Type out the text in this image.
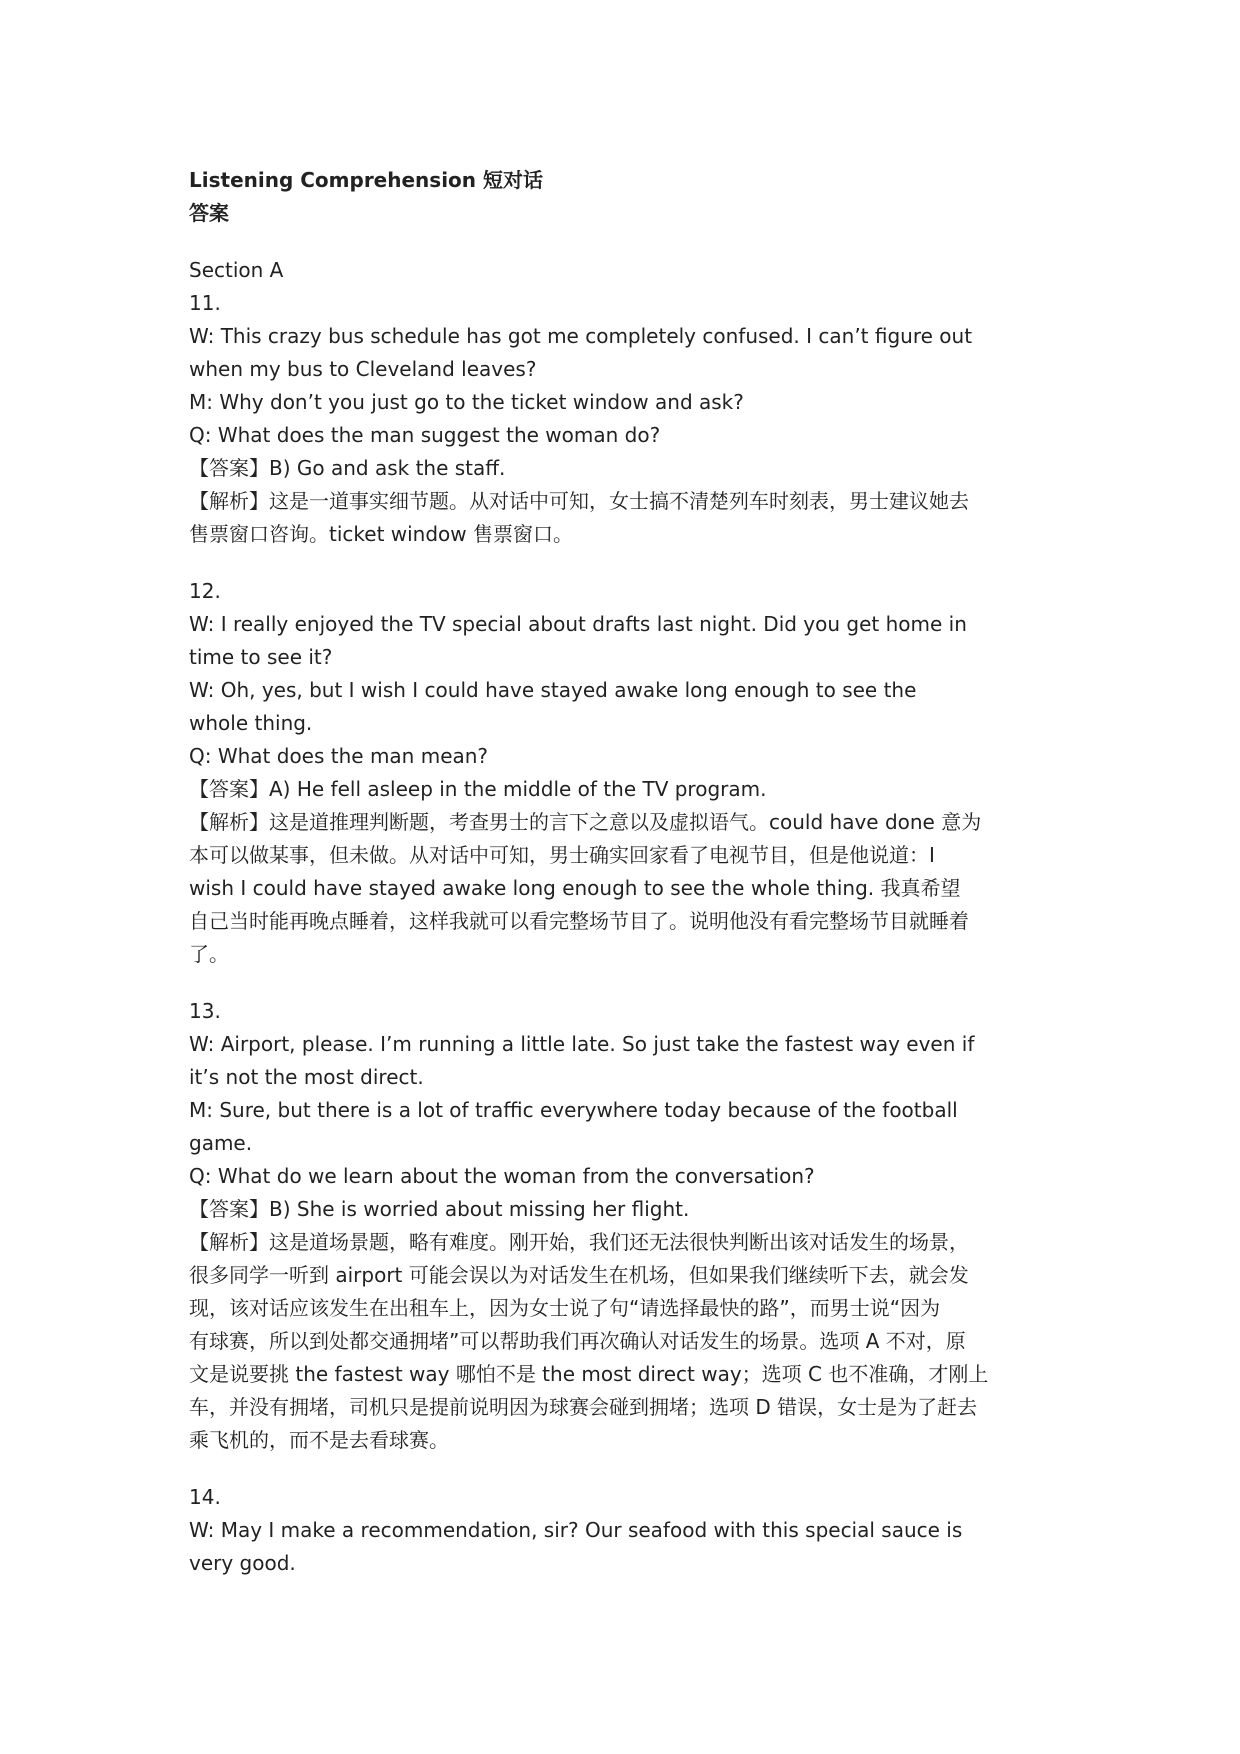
Listening Comprehension 短对话
答案
Section A
11.
W: This crazy bus schedule has got me completely confused. I can’t figure out
when my bus to Cleveland leaves?
M: Why don’t you just go to the ticket window and ask?
Q: What does the man suggest the woman do?
【答案】B) Go and ask the staff.
【解析】这是一道事实细节题。从对话中可知，女士搞不清楚列车时刻表，男士建议她去
售票窗口咨询。ticket window 售票窗口。
12.
W: I really enjoyed the TV special about drafts last night. Did you get home in
time to see it?
W: Oh, yes, but I wish I could have stayed awake long enough to see the
whole thing.
Q: What does the man mean?
【答案】A) He fell asleep in the middle of the TV program.
【解析】这是道推理判断题，考查男士的言下之意以及虚拟语气。could have done 意为
本可以做某事，但未做。从对话中可知，男士确实回家看了电视节目，但是他说道：I
wish I could have stayed awake long enough to see the whole thing. 我真希望
自己当时能再晚点睡着，这样我就可以看完整场节目了。说明他没有看完整场节目就睡着
了。
13.
W: Airport, please. I’m running a little late. So just take the fastest way even if
it’s not the most direct.
M: Sure, but there is a lot of traffic everywhere today because of the football
game.
Q: What do we learn about the woman from the conversation?
【答案】B) She is worried about missing her flight.
【解析】这是道场景题，略有难度。刚开始，我们还无法很快判断出该对话发生的场景，
很多同学一听到 airport 可能会误以为对话发生在机场，但如果我们继续听下去，就会发
现，该对话应该发生在出租车上，因为女士说了句“请选择最快的路”，而男士说“因为
有球赛，所以到处都交通拥堵”可以帮助我们再次确认对话发生的场景。选项 A 不对，原
文是说要挑 the fastest way 哪怕不是 the most direct way；选项 C 也不准确，才刚上
车，并没有拥堵，司机只是提前说明因为球赛会碰到拥堵；选项 D 错误，女士是为了赶去
乘飞机的，而不是去看球赛。
14.
W: May I make a recommendation, sir? Our seafood with this special sauce is
very good.
